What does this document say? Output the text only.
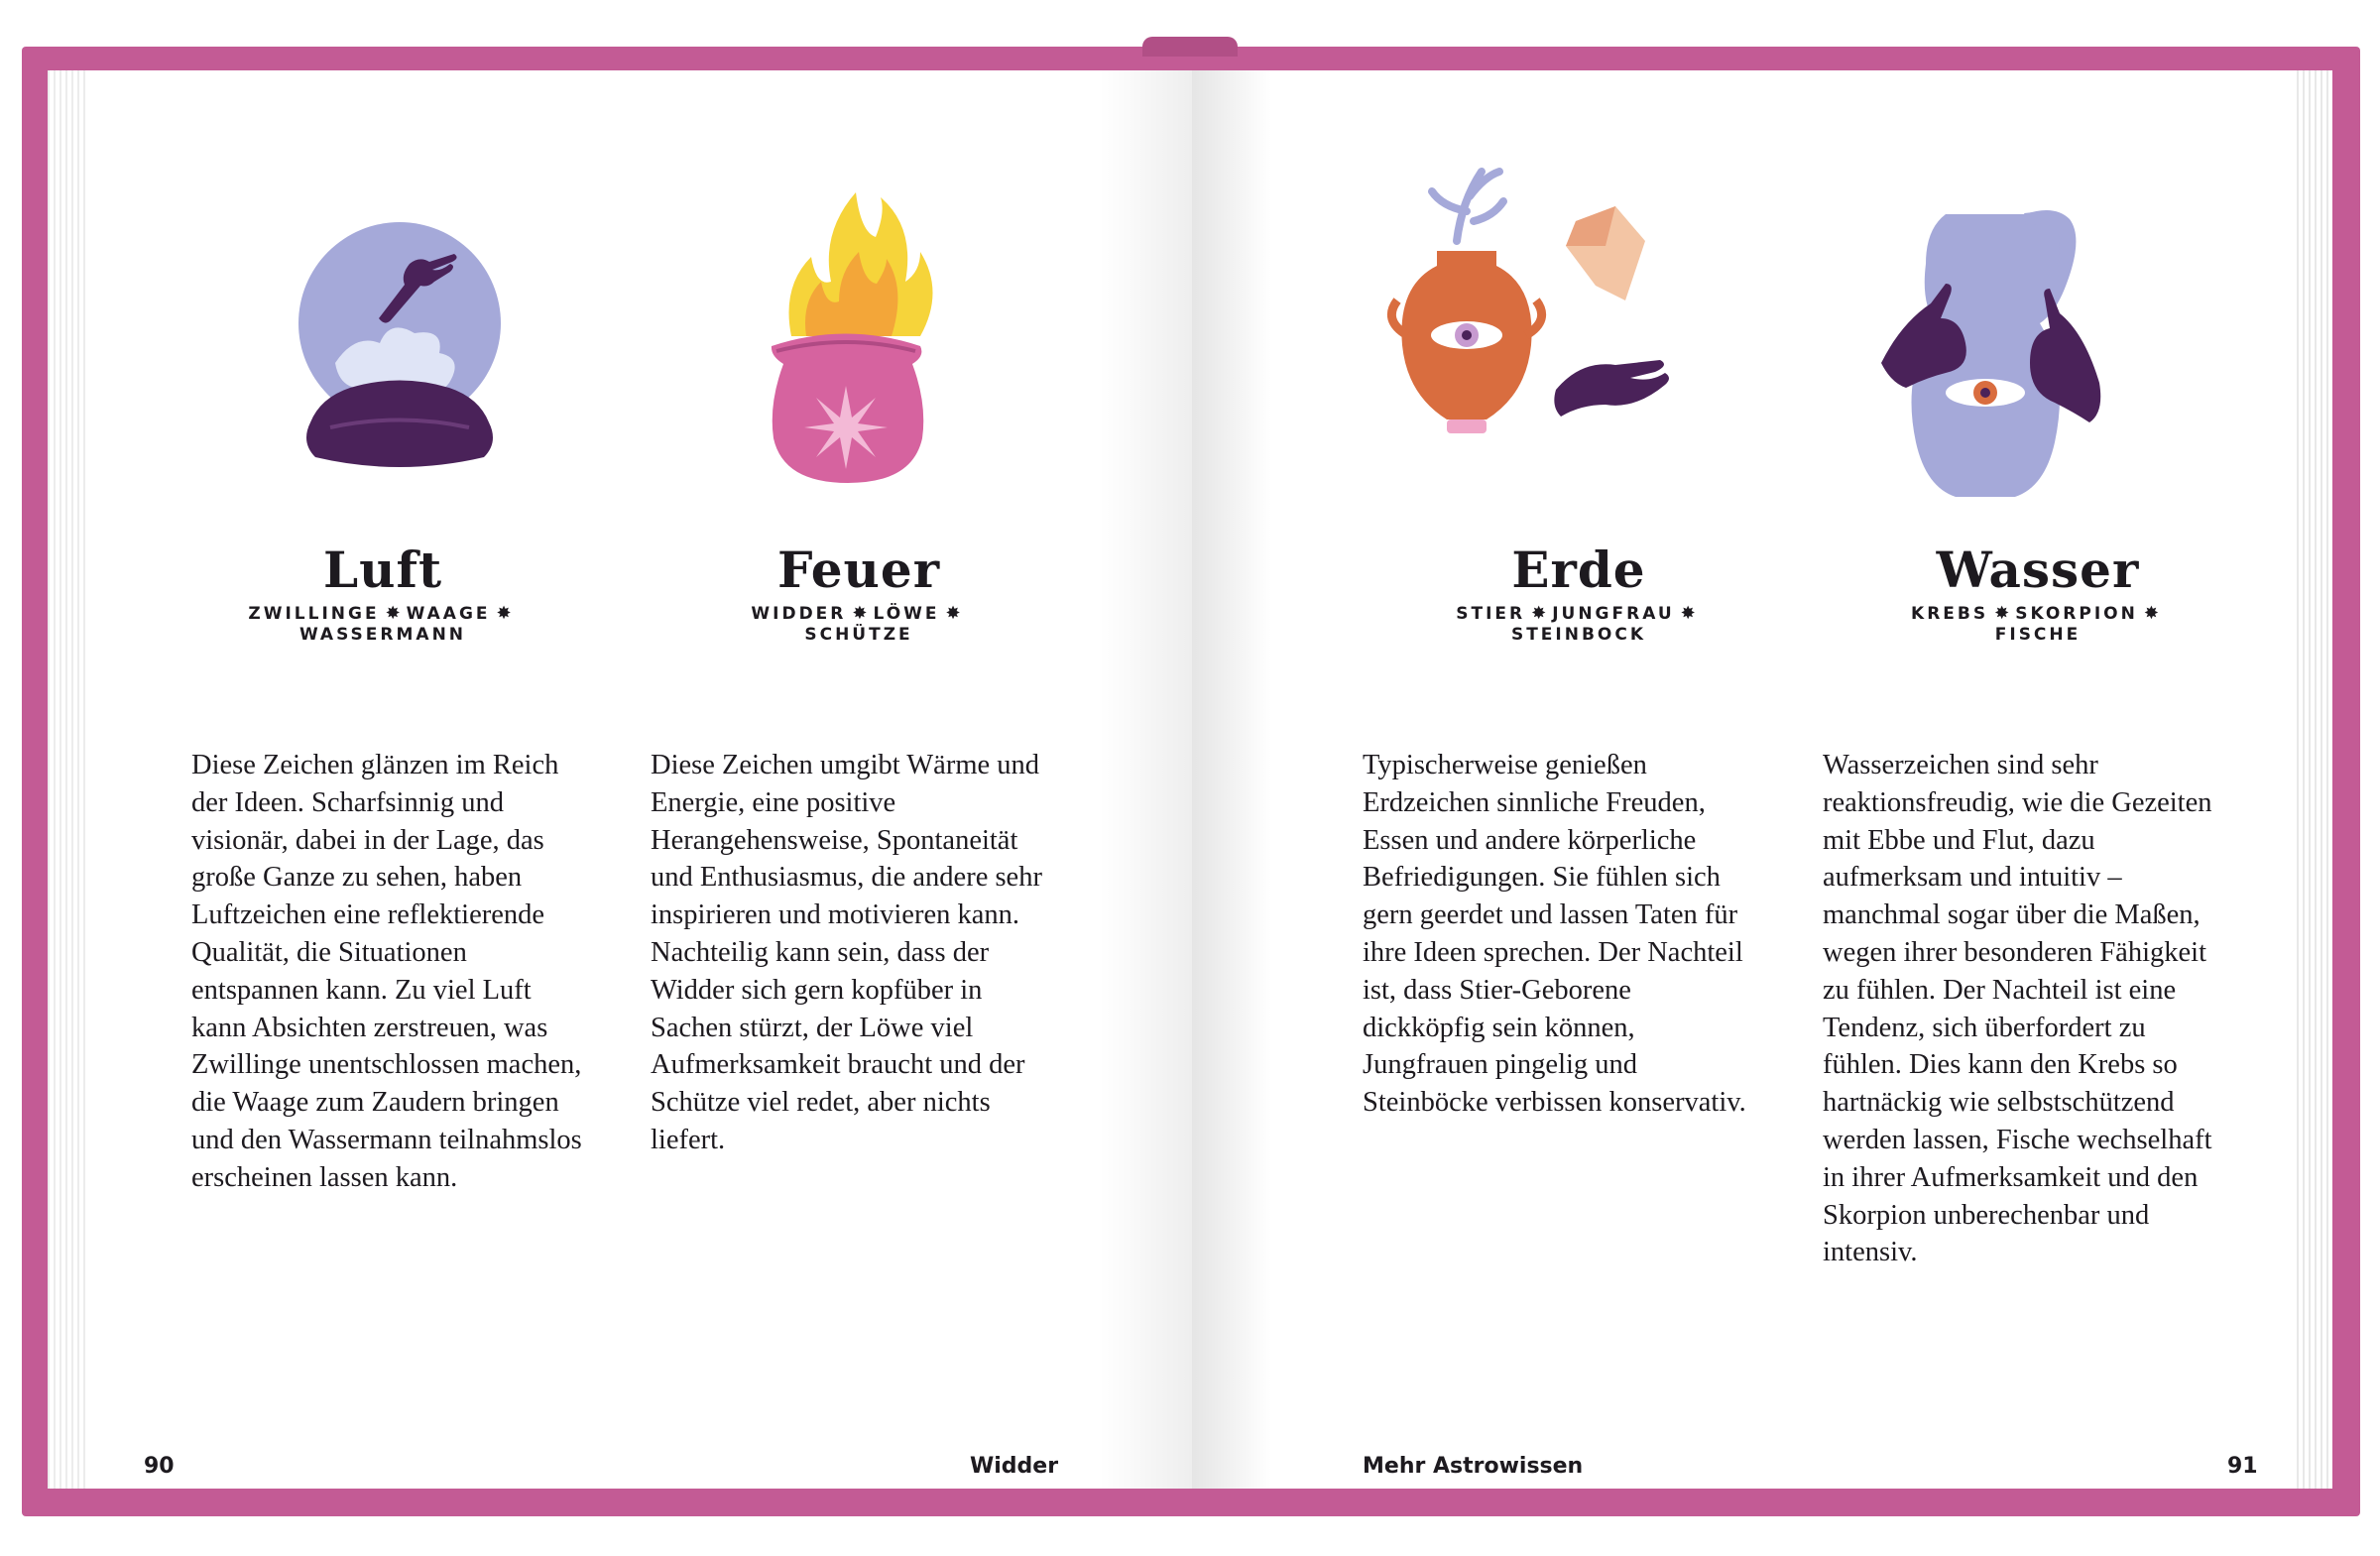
Luft
ZWILLINGE ✸ WAAGE ✸
WASSERMANN

Diese Zeichen glänzen im Reich der Ideen. Scharfsinnig und visionär, dabei in der Lage, das große Ganze zu sehen, haben Luftzeichen eine reflektierende Qualität, die Situationen entspannen kann. Zu viel Luft kann Absichten zerstreuen, was Zwillinge unentschlossen machen, die Waage zum Zaudern bringen und den Wassermann teilnahmslos erscheinen lassen kann.

Feuer
WIDDER ✸ LÖWE ✸
SCHÜTZE

Diese Zeichen umgibt Wärme und Energie, eine positive Herangehensweise, Spontaneität und Enthusiasmus, die andere sehr inspirieren und motivieren kann. Nachteilig kann sein, dass der Widder sich gern kopfüber in Sachen stürzt, der Löwe viel Aufmerksamkeit braucht und der Schütze viel redet, aber nichts liefert.

90	Widder
Erde
STIER ✸ JUNGFRAU ✸
STEINBOCK

Typischerweise genießen Erdzeichen sinnliche Freuden, Essen und andere körperliche Befriedigungen. Sie fühlen sich gern geerdet und lassen Taten für ihre Ideen sprechen. Der Nachteil ist, dass Stier-Geborene dickköpfig sein können, Jungfrauen pingelig und Steinböcke verbissen konservativ.

Wasser
KREBS ✸ SKORPION ✸
FISCHE

Wasserzeichen sind sehr reaktionsfreudig, wie die Gezeiten mit Ebbe und Flut, dazu aufmerksam und intuitiv – manchmal sogar über die Maßen, wegen ihrer besonderen Fähigkeit zu fühlen. Der Nachteil ist eine Tendenz, sich überfordert zu fühlen. Dies kann den Krebs so hartnäckig wie selbstschützend werden lassen, Fische wechselhaft in ihrer Aufmerksamkeit und den Skorpion unberechenbar und intensiv.

Mehr Astrowissen	91
